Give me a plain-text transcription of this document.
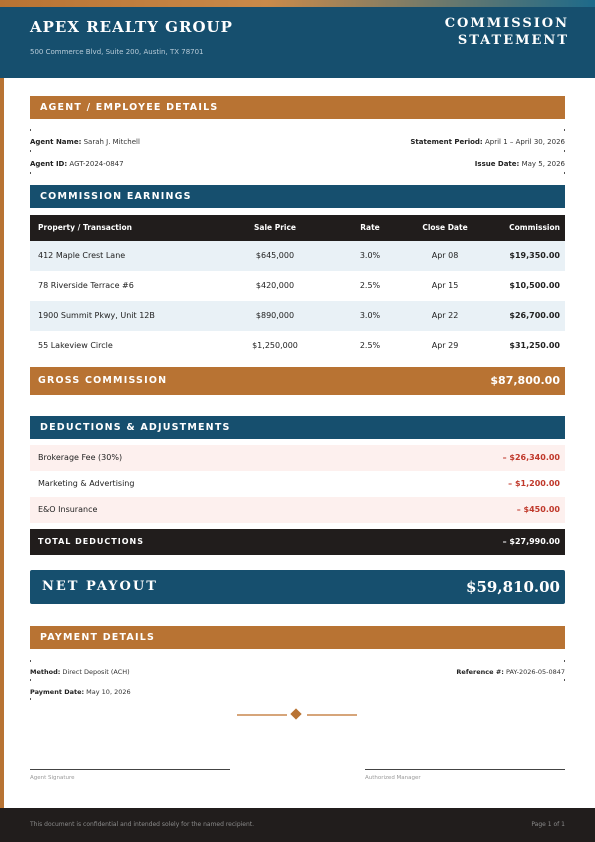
APEX REALTY GROUP
500 Commerce Blvd, Suite 200, Austin, TX 78701
COMMISSION
STATEMENT
AGENT / EMPLOYEE DETAILS
Agent Name: Sarah J. Mitchell
Agent ID: AGT-2024-0847
Statement Period: April 1 – April 30, 2026
Issue Date: May 5, 2026
COMMISSION EARNINGS
Property / Transaction	Sale Price	Rate	Close Date	Commission
412 Maple Crest Lane	$645,000	3.0%	Apr 08	$19,350.00
78 Riverside Terrace #6	$420,000	2.5%	Apr 15	$10,500.00
1900 Summit Pkwy, Unit 12B	$890,000	3.0%	Apr 22	$26,700.00
55 Lakeview Circle	$1,250,000	2.5%	Apr 29	$31,250.00
GROSS COMMISSION	$87,800.00
DEDUCTIONS & ADJUSTMENTS
Brokerage Fee (30%)	– $26,340.00
Marketing & Advertising	– $1,200.00
E&O Insurance	– $450.00
TOTAL DEDUCTIONS	– $27,990.00
NET PAYOUT	$59,810.00
PAYMENT DETAILS
Method: Direct Deposit (ACH)
Payment Date: May 10, 2026
Reference #: PAY-2026-05-0847
Agent Signature	Authorized Manager
This document is confidential and intended solely for the named recipient.	Page 1 of 1
